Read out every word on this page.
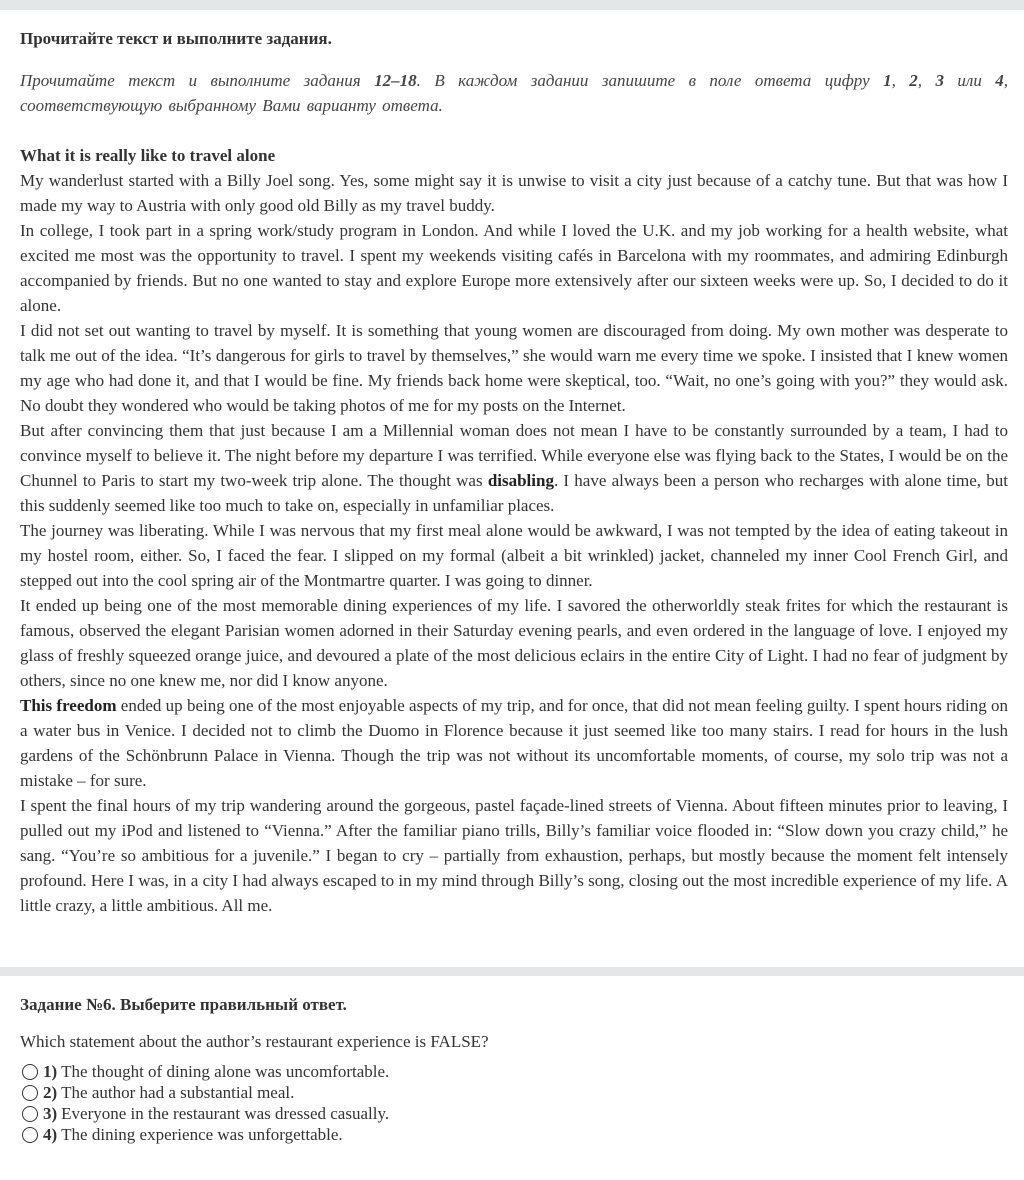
Прочитайте текст и выполните задания.

Прочитайте текст и выполните задания 12–18. В каждом задании запишите в поле ответа цифру 1, 2, 3 или 4, соответствующую выбранному Вами варианту ответа.

What it is really like to travel alone

My wanderlust started with a Billy Joel song. Yes, some might say it is unwise to visit a city just because of a catchy tune. But that was how I made my way to Austria with only good old Billy as my travel buddy.

In college, I took part in a spring work/study program in London. And while I loved the U.K. and my job working for a health website, what excited me most was the opportunity to travel. I spent my weekends visiting cafés in Barcelona with my roommates, and admiring Edinburgh accompanied by friends. But no one wanted to stay and explore Europe more extensively after our sixteen weeks were up. So, I decided to do it alone.

I did not set out wanting to travel by myself. It is something that young women are discouraged from doing. My own mother was desperate to talk me out of the idea. “It’s dangerous for girls to travel by themselves,” she would warn me every time we spoke. I insisted that I knew women my age who had done it, and that I would be fine. My friends back home were skeptical, too. “Wait, no one’s going with you?” they would ask. No doubt they wondered who would be taking photos of me for my posts on the Internet.

But after convincing them that just because I am a Millennial woman does not mean I have to be constantly surrounded by a team, I had to convince myself to believe it. The night before my departure I was terrified. While everyone else was flying back to the States, I would be on the Chunnel to Paris to start my two-week trip alone. The thought was disabling. I have always been a person who recharges with alone time, but this suddenly seemed like too much to take on, especially in unfamiliar places.

The journey was liberating. While I was nervous that my first meal alone would be awkward, I was not tempted by the idea of eating takeout in my hostel room, either. So, I faced the fear. I slipped on my formal (albeit a bit wrinkled) jacket, channeled my inner Cool French Girl, and stepped out into the cool spring air of the Montmartre quarter. I was going to dinner.

It ended up being one of the most memorable dining experiences of my life. I savored the otherworldly steak frites for which the restaurant is famous, observed the elegant Parisian women adorned in their Saturday evening pearls, and even ordered in the language of love. I enjoyed my glass of freshly squeezed orange juice, and devoured a plate of the most delicious eclairs in the entire City of Light. I had no fear of judgment by others, since no one knew me, nor did I know anyone.

This freedom ended up being one of the most enjoyable aspects of my trip, and for once, that did not mean feeling guilty. I spent hours riding on a water bus in Venice. I decided not to climb the Duomo in Florence because it just seemed like too many stairs. I read for hours in the lush gardens of the Schönbrunn Palace in Vienna. Though the trip was not without its uncomfortable moments, of course, my solo trip was not a mistake – for sure.

I spent the final hours of my trip wandering around the gorgeous, pastel façade-lined streets of Vienna. About fifteen minutes prior to leaving, I pulled out my iPod and listened to “Vienna.” After the familiar piano trills, Billy’s familiar voice flooded in: “Slow down you crazy child,” he sang. “You’re so ambitious for a juvenile.” I began to cry – partially from exhaustion, perhaps, but mostly because the moment felt intensely profound. Here I was, in a city I had always escaped to in my mind through Billy’s song, closing out the most incredible experience of my life. A little crazy, a little ambitious. All me.

Задание №6. Выберите правильный ответ.

Which statement about the author’s restaurant experience is FALSE?

1) The thought of dining alone was uncomfortable.
2) The author had a substantial meal.
3) Everyone in the restaurant was dressed casually.
4) The dining experience was unforgettable.
